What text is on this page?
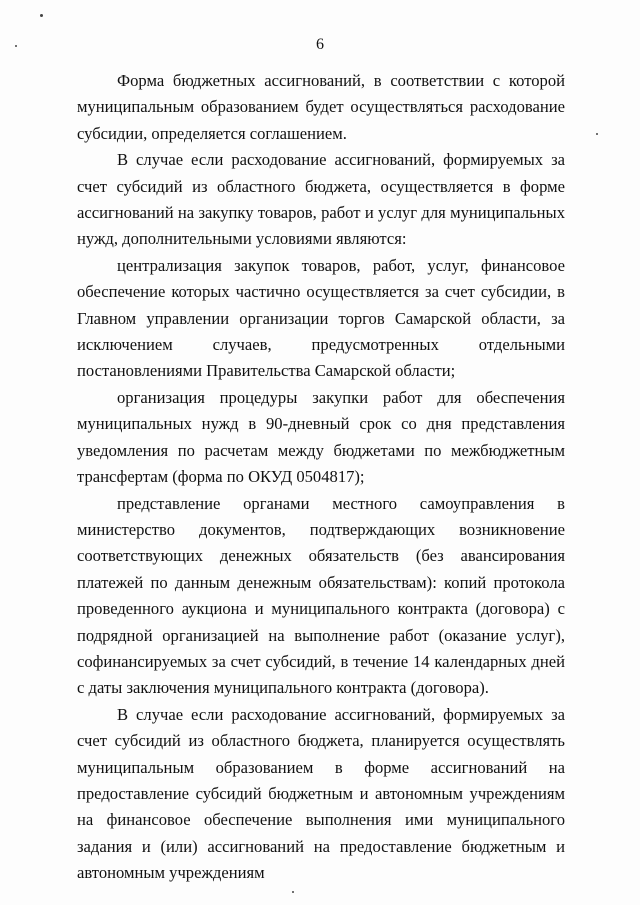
6

Форма бюджетных ассигнований, в соответствии с которой муниципальным образованием будет осуществляться расходование субсидии, определяется соглашением.

В случае если расходование ассигнований, формируемых за счет субсидий из областного бюджета, осуществляется в форме ассигнований на закупку товаров, работ и услуг для муниципальных нужд, дополнительными условиями являются:

централизация закупок товаров, работ, услуг, финансовое обеспечение которых частично осуществляется за счет субсидии, в Главном управлении организации торгов Самарской области, за исключением случаев, предусмотренных отдельными постановлениями Правительства Самарской области;

организация процедуры закупки работ для обеспечения муниципальных нужд в 90-дневный срок со дня представления уведомления по расчетам между бюджетами по межбюджетным трансфертам (форма по ОКУД 0504817);

представление органами местного самоуправления в министерство документов, подтверждающих возникновение соответствующих денежных обязательств (без авансирования платежей по данным денежным обязательствам): копий протокола проведенного аукциона и муниципального контракта (договора) с подрядной организацией на выполнение работ (оказание услуг), софинансируемых за счет субсидий, в течение 14 календарных дней с даты заключения муниципального контракта (договора).

В случае если расходование ассигнований, формируемых за счет субсидий из областного бюджета, планируется осуществлять муниципальным образованием в форме ассигнований на предоставление субсидий бюджетным и автономным учреждениям на финансовое обеспечение выполнения ими муниципального задания и (или) ассигнований на предоставление бюджетным и автономным учреждениям
